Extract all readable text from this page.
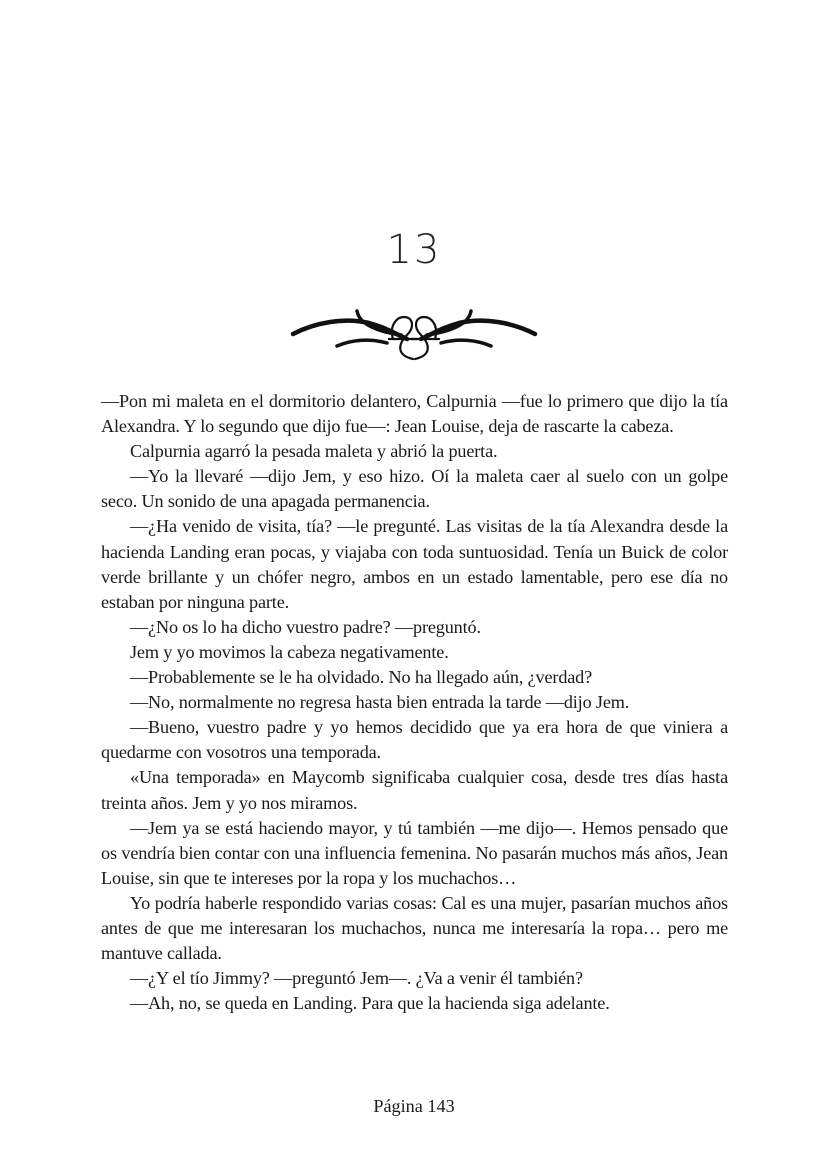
13

—Pon mi maleta en el dormitorio delantero, Calpurnia —fue lo primero que dijo la tía Alexandra. Y lo segundo que dijo fue—: Jean Louise, deja de rascarte la cabeza.

Calpurnia agarró la pesada maleta y abrió la puerta.

—Yo la llevaré —dijo Jem, y eso hizo. Oí la maleta caer al suelo con un golpe seco. Un sonido de una apagada permanencia.

—¿Ha venido de visita, tía? —le pregunté. Las visitas de la tía Alexandra desde la hacienda Landing eran pocas, y viajaba con toda suntuosidad. Tenía un Buick de color verde brillante y un chófer negro, ambos en un estado lamentable, pero ese día no estaban por ninguna parte.

—¿No os lo ha dicho vuestro padre? —preguntó.

Jem y yo movimos la cabeza negativamente.

—Probablemente se le ha olvidado. No ha llegado aún, ¿verdad?

—No, normalmente no regresa hasta bien entrada la tarde —dijo Jem.

—Bueno, vuestro padre y yo hemos decidido que ya era hora de que viniera a quedarme con vosotros una temporada.

«Una temporada» en Maycomb significaba cualquier cosa, desde tres días hasta treinta años. Jem y yo nos miramos.

—Jem ya se está haciendo mayor, y tú también —me dijo—. Hemos pensado que os vendría bien contar con una influencia femenina. No pasarán muchos más años, Jean Louise, sin que te intereses por la ropa y los muchachos…

Yo podría haberle respondido varias cosas: Cal es una mujer, pasarían muchos años antes de que me interesaran los muchachos, nunca me interesaría la ropa… pero me mantuve callada.

—¿Y el tío Jimmy? —preguntó Jem—. ¿Va a venir él también?

—Ah, no, se queda en Landing. Para que la hacienda siga adelante.

Página 143
